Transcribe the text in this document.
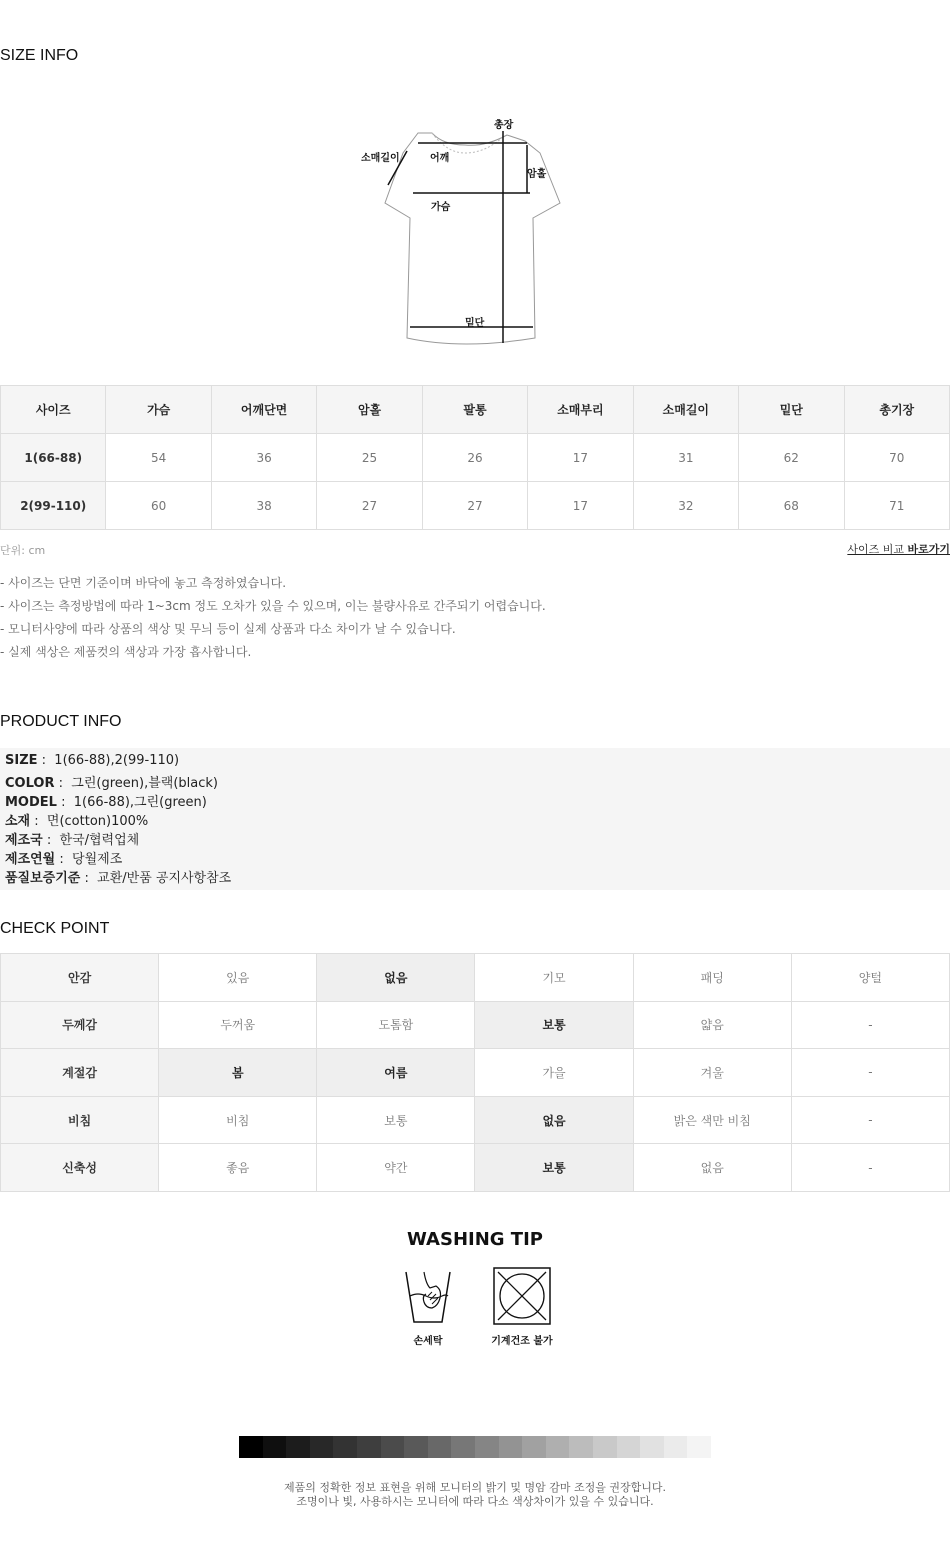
SIZE INFO
총장
소매길이	어깨
암홀
가슴
밑단
사이즈	가슴	어깨단면	암홀	팔통	소매부리	소매길이	밑단	총기장
1(66-88)	54	36	25	26	17	31	62	70
2(99-110)	60	38	27	27	17	32	68	71
단위: cm	사이즈 비교 바로가기
- 사이즈는 단면 기준이며 바닥에 놓고 측정하였습니다.
- 사이즈는 측정방법에 따라 1~3cm 정도 오차가 있을 수 있으며, 이는 불량사유로 간주되기 어렵습니다.
- 모니터사양에 따라 상품의 색상 및 무늬 등이 실제 상품과 다소 차이가 날 수 있습니다.
- 실제 색상은 제품컷의 색상과 가장 흡사합니다.
PRODUCT INFO
SIZE :  1(66-88),2(99-110)
COLOR :  그린(green),블랙(black)
MODEL :  1(66-88),그린(green)
소재 :  면(cotton)100%
제조국 :  한국/협력업체
제조연월 :  당월제조
품질보증기준 :  교환/반품 공지사항참조
CHECK POINT
안감	있음	없음	기모	패딩	양털
두께감	두꺼움	도톰함	보통	얇음	-
계절감	봄	여름	가을	겨울	-
비침	비침	보통	없음	밝은 색만 비침	-
신축성	좋음	약간	보통	없음	-
WASHING TIP
손세탁	기계건조 불가
제품의 정확한 정보 표현을 위해 모니터의 밝기 및 명암 감마 조정을 권장합니다.
조명이나 빛, 사용하시는 모니터에 따라 다소 색상차이가 있을 수 있습니다.
